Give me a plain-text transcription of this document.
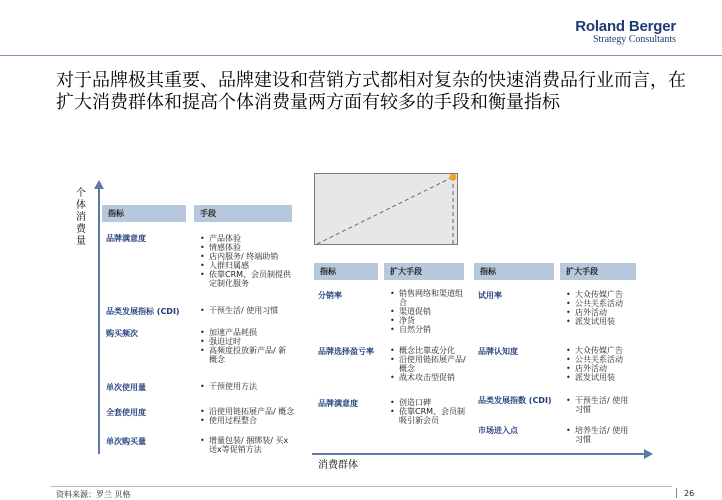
Roland Berger
Strategy Consultants
对于品牌极其重要、品牌建设和营销方式都相对复杂的快速消费品行业而言，在扩大消费群体和提高个体消费量两方面有较多的手段和衡量指标
个体消费量
消费群体
指标	手段
品牌满意度	• 产品体验
• 情感体验
• 店内服务/ 终端助销
• 人群归属感
• 依靠CRM、会员制提供定制化服务
品类发展指标 (CDI)	• 干预生活/ 使用习惯
购买频次	• 加速产品耗损
• 强迫过时
• 高频度投放新产品/ 新概念
单次使用量	• 干预使用方法
全套使用度	• 沿使用链拓展产品/ 概念
• 使用过程整合
单次购买量	• 增量包装/ 捆绑装/ 买x送x等促销方法
指标	扩大手段
分销率	• 销售网络和渠道组合
• 渠道促销
• 净货
• 自然分销
品牌选择盈亏率	• 概念比靠或分化
• 沿使用链拓展产品/ 概念
• 战术攻击型促销
品牌满意度	• 创造口碑
• 依靠CRM、会员制吸引新会员
指标	扩大手段
试用率	• 大众传媒广告
• 公共关系活动
• 店外活动
• 派发试用装
品牌认知度	• 大众传媒广告
• 公共关系活动
• 店外活动
• 派发试用装
品类发展指数 (CDI)	• 干预生活/ 使用习惯
市场进入点	• 培养生活/ 使用习惯
资料来源：罗兰 贝格	26
